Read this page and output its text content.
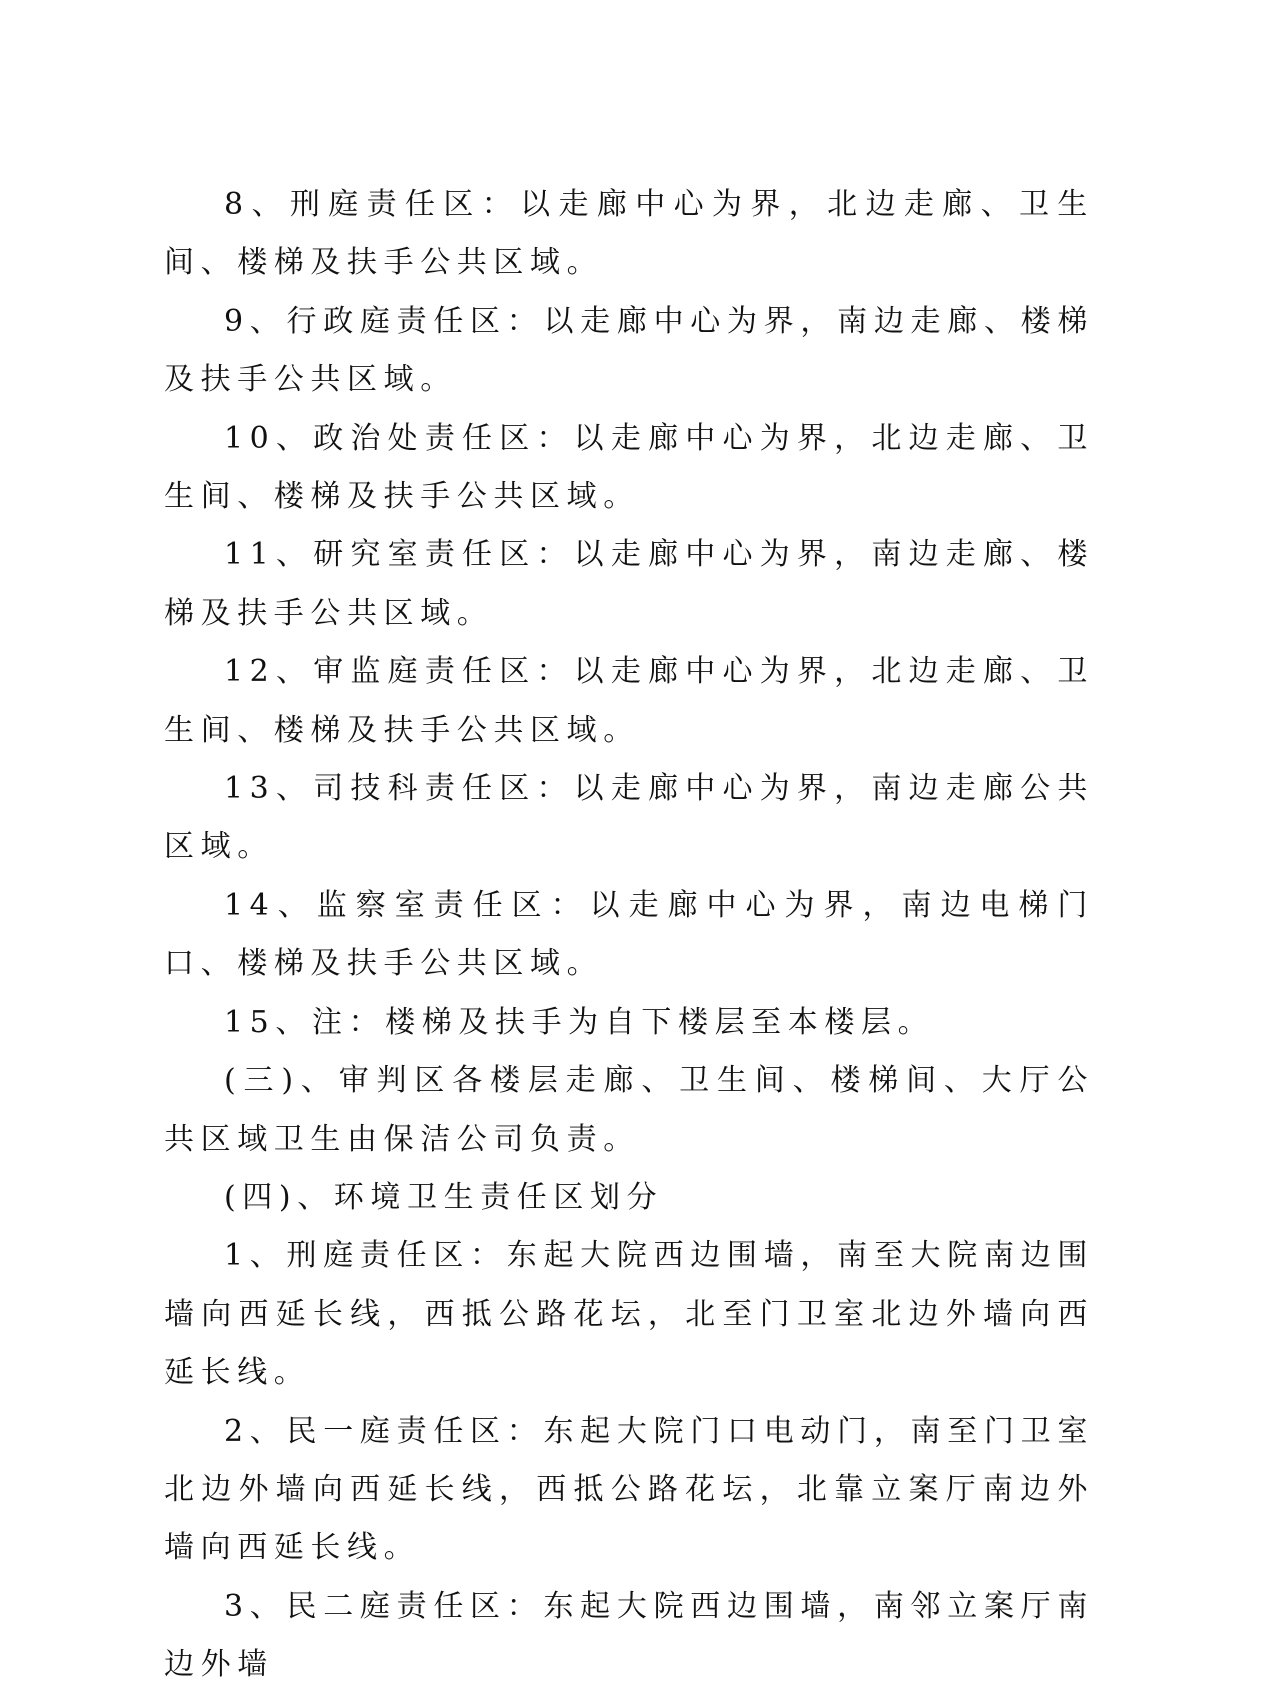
8、刑庭责任区：以走廊中心为界，北边走廊、卫生间、楼梯及扶手公共区域。

9、行政庭责任区：以走廊中心为界，南边走廊、楼梯及扶手公共区域。

10、政治处责任区：以走廊中心为界，北边走廊、卫生间、楼梯及扶手公共区域。

11、研究室责任区：以走廊中心为界，南边走廊、楼梯及扶手公共区域。

12、审监庭责任区：以走廊中心为界，北边走廊、卫生间、楼梯及扶手公共区域。

13、司技科责任区：以走廊中心为界，南边走廊公共区域。

14、监察室责任区：以走廊中心为界，南边电梯门口、楼梯及扶手公共区域。

15、注：楼梯及扶手为自下楼层至本楼层。

(三)、审判区各楼层走廊、卫生间、楼梯间、大厅公共区域卫生由保洁公司负责。

(四)、环境卫生责任区划分

1、刑庭责任区：东起大院西边围墙，南至大院南边围墙向西延长线，西抵公路花坛，北至门卫室北边外墙向西延长线。

2、民一庭责任区：东起大院门口电动门，南至门卫室北边外墙向西延长线，西抵公路花坛，北靠立案厅南边外墙向西延长线。

3、民二庭责任区：东起大院西边围墙，南邻立案厅南边外墙
